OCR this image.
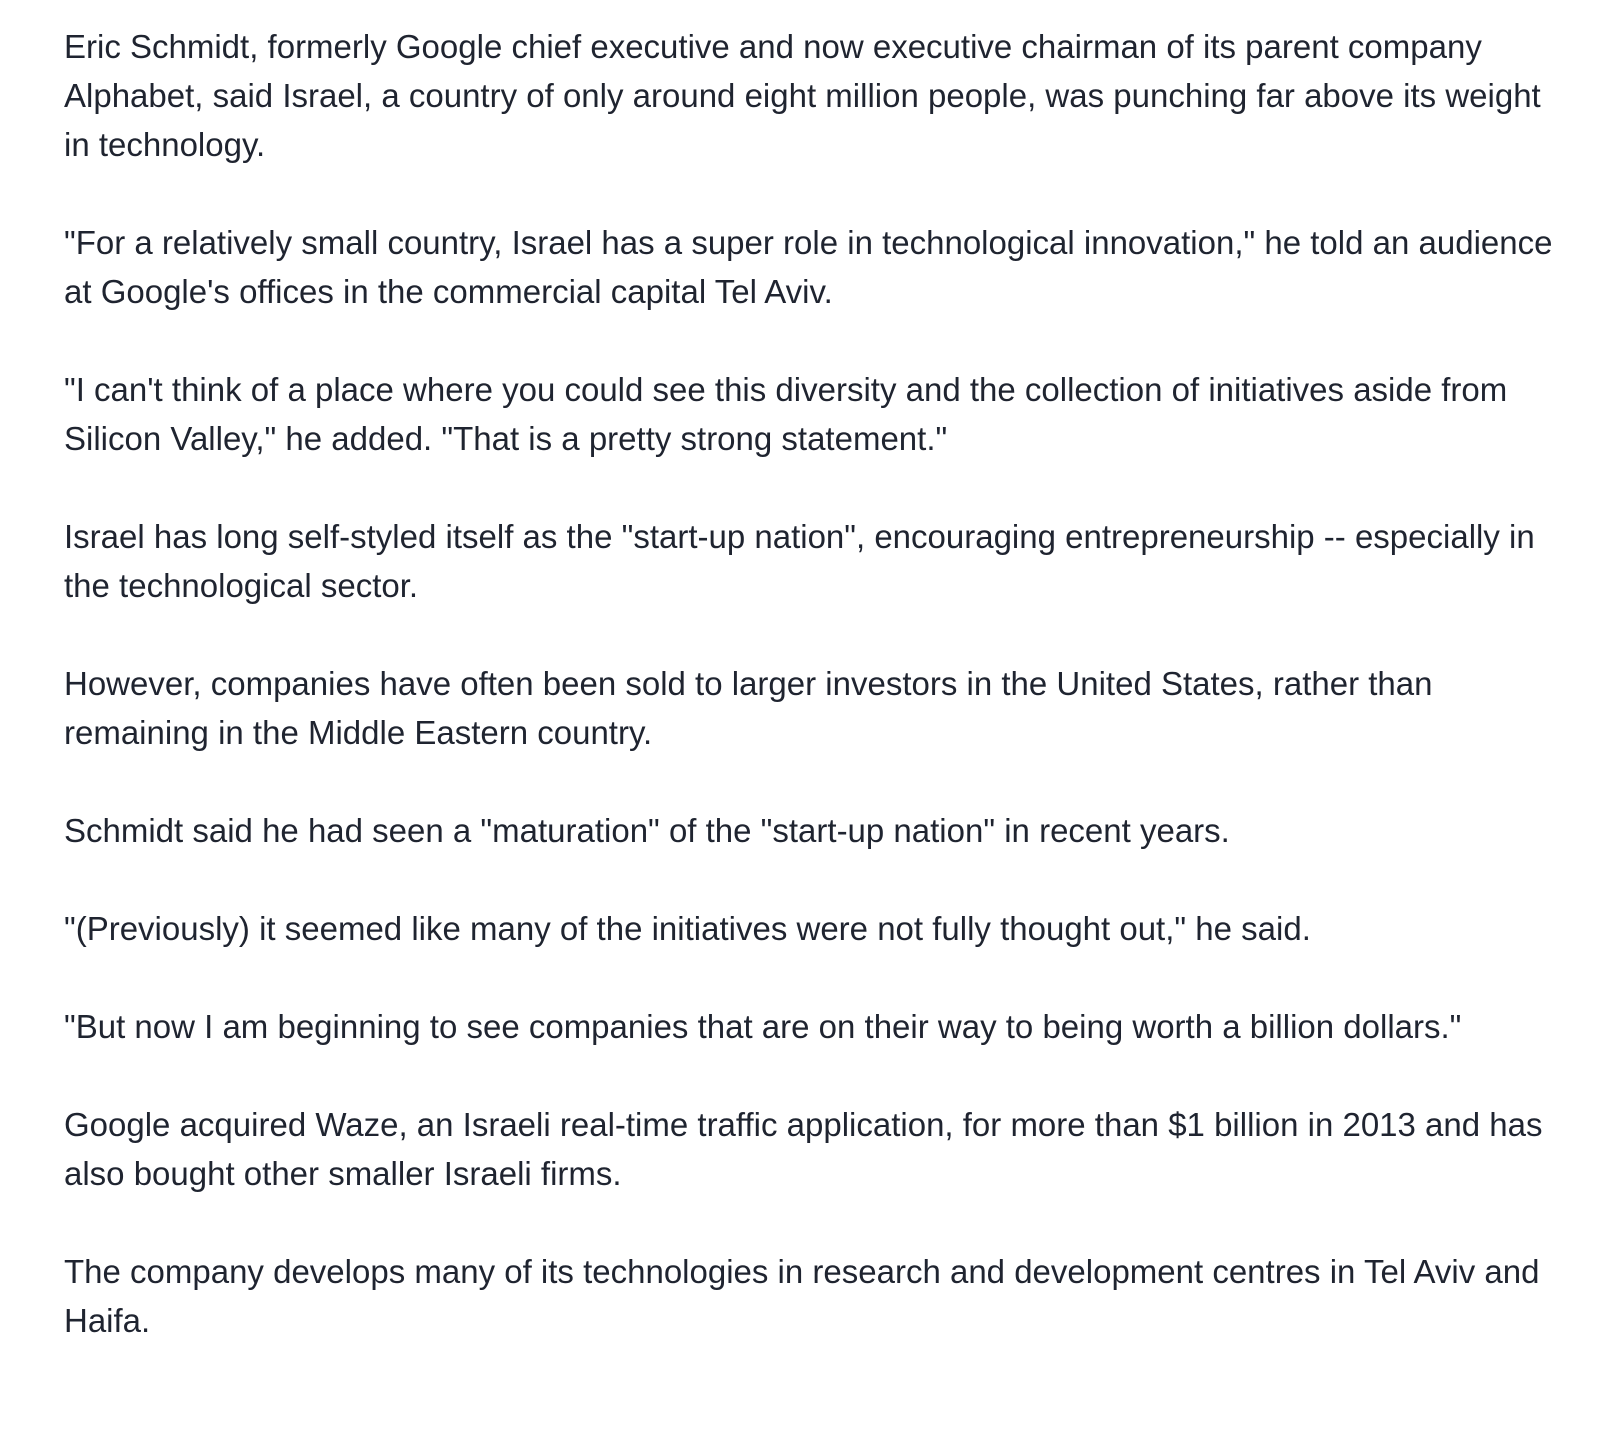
Eric Schmidt, formerly Google chief executive and now executive chairman of its parent company Alphabet, said Israel, a country of only around eight million people, was punching far above its weight in technology.

"For a relatively small country, Israel has a super role in technological innovation," he told an audience at Google's offices in the commercial capital Tel Aviv.

"I can't think of a place where you could see this diversity and the collection of initiatives aside from Silicon Valley," he added. "That is a pretty strong statement."

Israel has long self-styled itself as the "start-up nation", encouraging entrepreneurship -- especially in the technological sector.

However, companies have often been sold to larger investors in the United States, rather than remaining in the Middle Eastern country.

Schmidt said he had seen a "maturation" of the "start-up nation" in recent years.

"(Previously) it seemed like many of the initiatives were not fully thought out," he said.

"But now I am beginning to see companies that are on their way to being worth a billion dollars."

Google acquired Waze, an Israeli real-time traffic application, for more than $1 billion in 2013 and has also bought other smaller Israeli firms.

The company develops many of its technologies in research and development centres in Tel Aviv and Haifa.
